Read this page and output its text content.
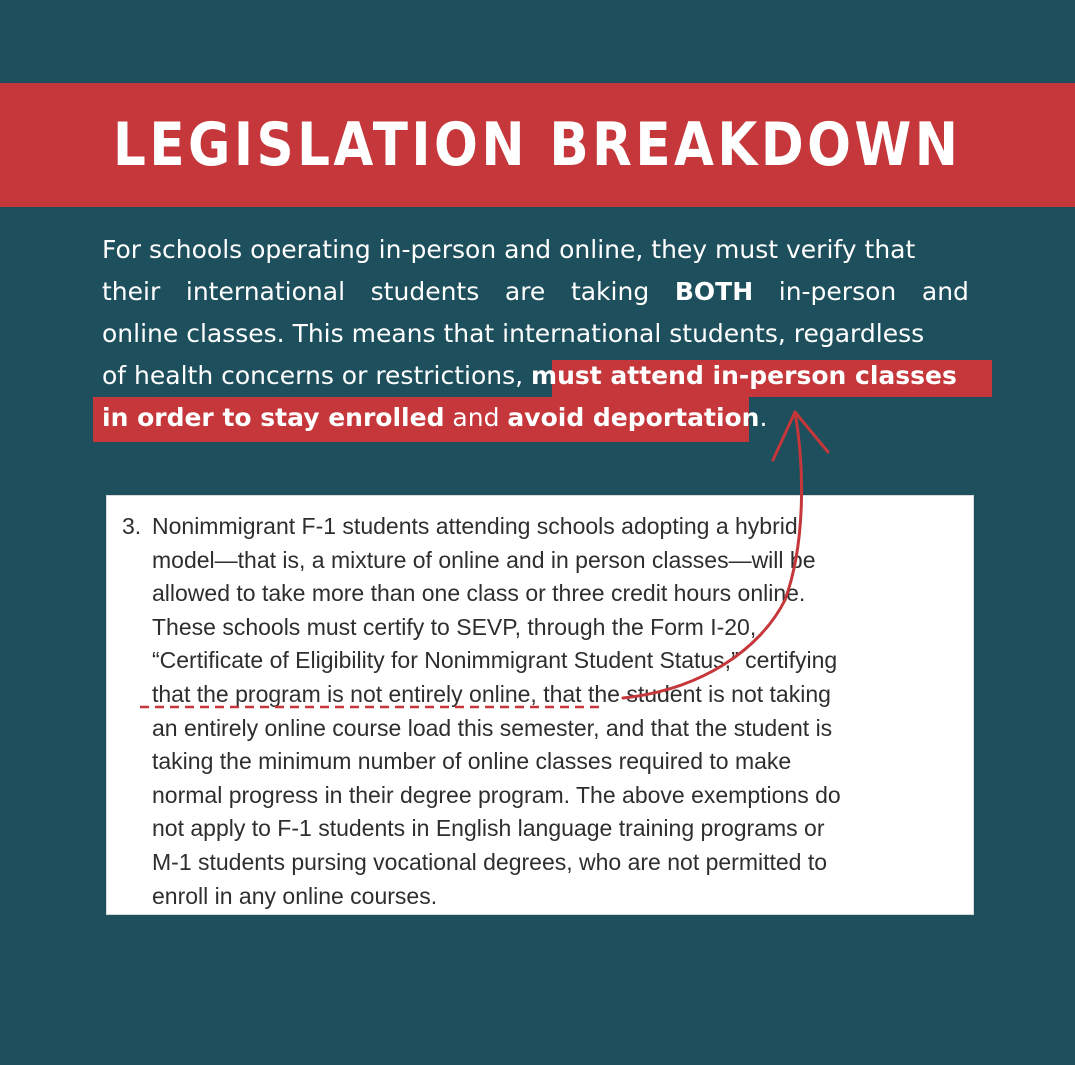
LEGISLATION BREAKDOWN
For schools operating in-person and online, they must verify that
their international students are taking BOTH in-person and
online classes. This means that international students, regardless
of health concerns or restrictions, must attend in-person classes
in order to stay enrolled and avoid deportation.
3. Nonimmigrant F-1 students attending schools adopting a hybrid
model—that is, a mixture of online and in person classes—will be
allowed to take more than one class or three credit hours online.
These schools must certify to SEVP, through the Form I-20,
“Certificate of Eligibility for Nonimmigrant Student Status,” certifying
that the program is not entirely online, that the student is not taking
an entirely online course load this semester, and that the student is
taking the minimum number of online classes required to make
normal progress in their degree program. The above exemptions do
not apply to F-1 students in English language training programs or
M-1 students pursing vocational degrees, who are not permitted to
enroll in any online courses.
